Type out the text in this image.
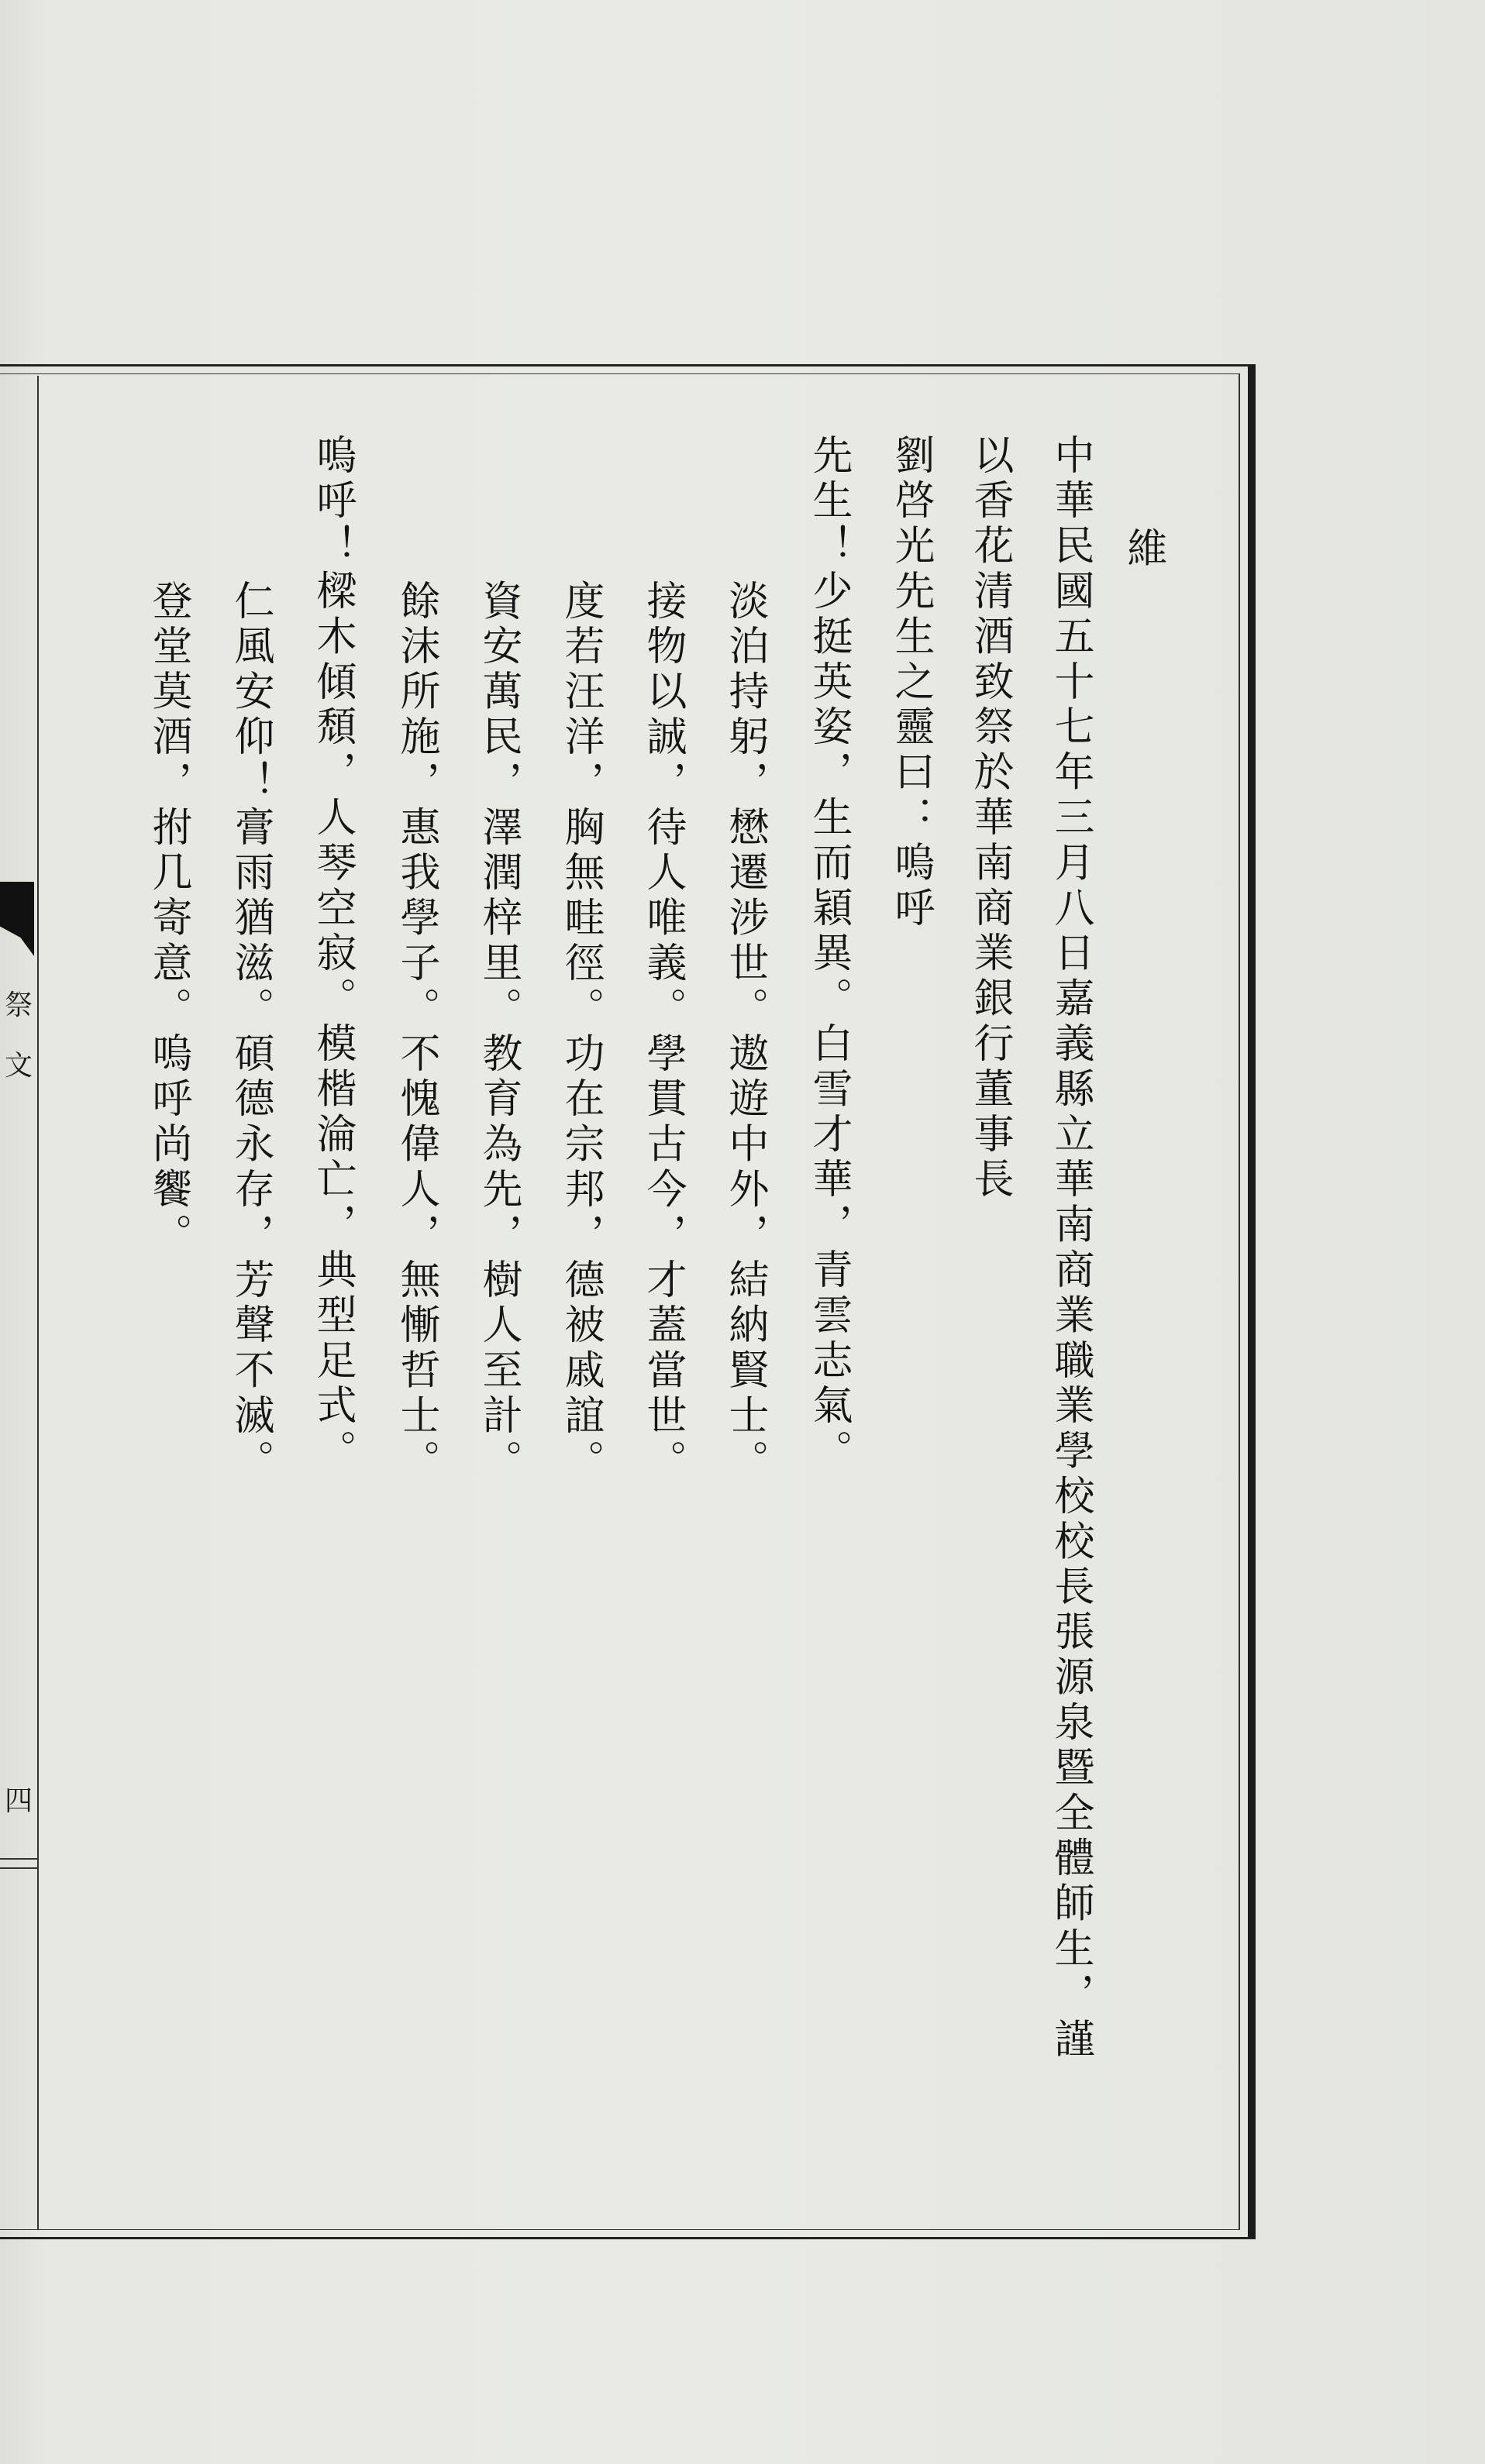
祭
文
四
維
中華民國五十七年三月八日嘉義縣立華南商業職業學校校長張源泉暨全體師生，謹
以香花清酒致祭於華南商業銀行董事長
劉啓光先生之靈曰：嗚呼
先生！少挺英姿，生而穎異。白雪才華，青雲志氣。
淡泊持躬，懋遷涉世。遨遊中外，結納賢士。
接物以誠，待人唯義。學貫古今，才蓋當世。
度若汪洋，胸無畦徑。功在宗邦，德被戚誼。
資安萬民，澤潤梓里。教育為先，樹人至計。
餘沫所施，惠我學子。不愧偉人，無慚哲士。
嗚呼！樑木傾頹，人琴空寂。模楷淪亡，典型足式。
仁風安仰！膏雨猶滋。碩德永存，芳聲不滅。
登堂莫酒，拊几寄意。嗚呼尚饗。
